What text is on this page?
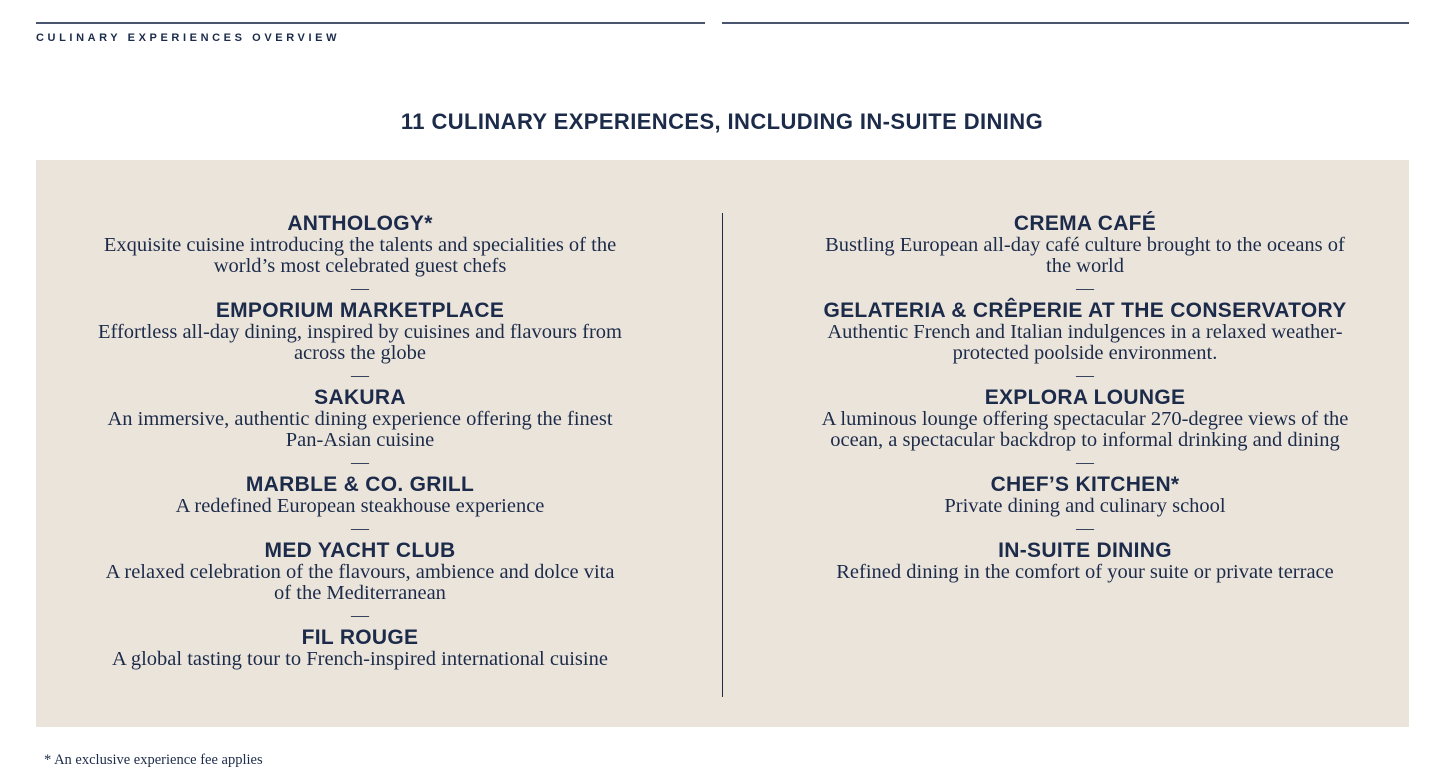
CULINARY EXPERIENCES OVERVIEW
11 CULINARY EXPERIENCES, INCLUDING IN-SUITE DINING
ANTHOLOGY*
Exquisite cuisine introducing the talents and specialities of the world’s most celebrated guest chefs
—
EMPORIUM MARKETPLACE
Effortless all-day dining, inspired by cuisines and flavours from across the globe
—
SAKURA
An immersive, authentic dining experience offering the finest Pan-Asian cuisine
—
MARBLE & CO. GRILL
A redefined European steakhouse experience
—
MED YACHT CLUB
A relaxed celebration of the flavours, ambience and dolce vita of the Mediterranean
—
FIL ROUGE
A global tasting tour to French-inspired international cuisine
CREMA CAFÉ
Bustling European all-day café culture brought to the oceans of the world
—
GELATERIA & CRÊPERIE AT THE CONSERVATORY
Authentic French and Italian indulgences in a relaxed weather-protected poolside environment.
—
EXPLORA LOUNGE
A luminous lounge offering spectacular 270-degree views of the ocean, a spectacular backdrop to informal drinking and dining
—
CHEF’S KITCHEN*
Private dining and culinary school
—
IN-SUITE DINING
Refined dining in the comfort of your suite or private terrace
* An exclusive experience fee applies
